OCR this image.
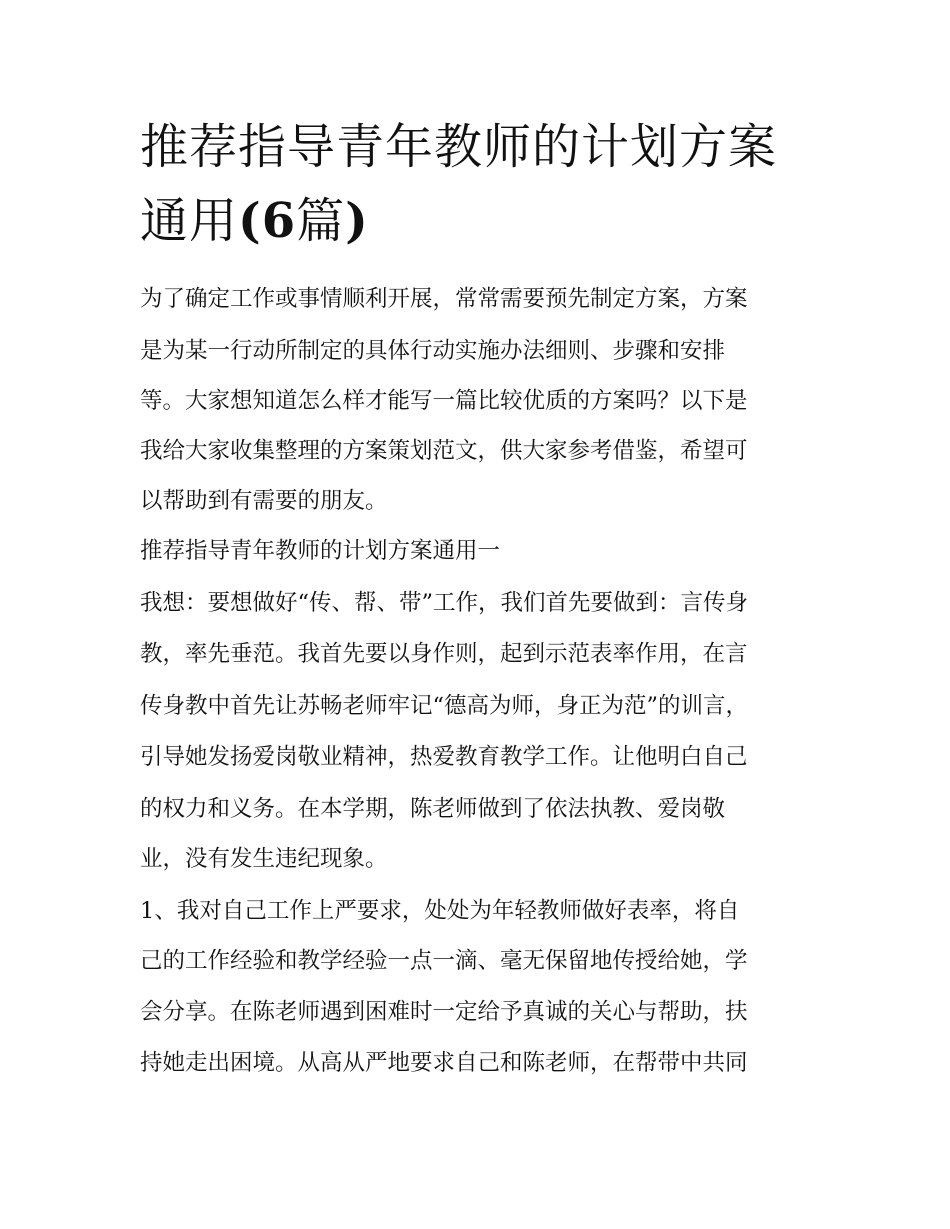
推荐指导青年教师的计划方案
通用(6篇)
为了确定工作或事情顺利开展，常常需要预先制定方案，方案
是为某一行动所制定的具体行动实施办法细则、步骤和安排
等。大家想知道怎么样才能写一篇比较优质的方案吗？以下是
我给大家收集整理的方案策划范文，供大家参考借鉴，希望可
以帮助到有需要的朋友。
推荐指导青年教师的计划方案通用一
我想：要想做好“传、帮、带”工作，我们首先要做到：言传身
教，率先垂范。我首先要以身作则，起到示范表率作用，在言
传身教中首先让苏畅老师牢记“德高为师，身正为范”的训言，
引导她发扬爱岗敬业精神，热爱教育教学工作。让他明白自己
的权力和义务。在本学期，陈老师做到了依法执教、爱岗敬
业，没有发生违纪现象。
1、我对自己工作上严要求，处处为年轻教师做好表率，将自
己的工作经验和教学经验一点一滴、毫无保留地传授给她，学
会分享。在陈老师遇到困难时一定给予真诚的关心与帮助，扶
持她走出困境。从高从严地要求自己和陈老师，在帮带中共同
